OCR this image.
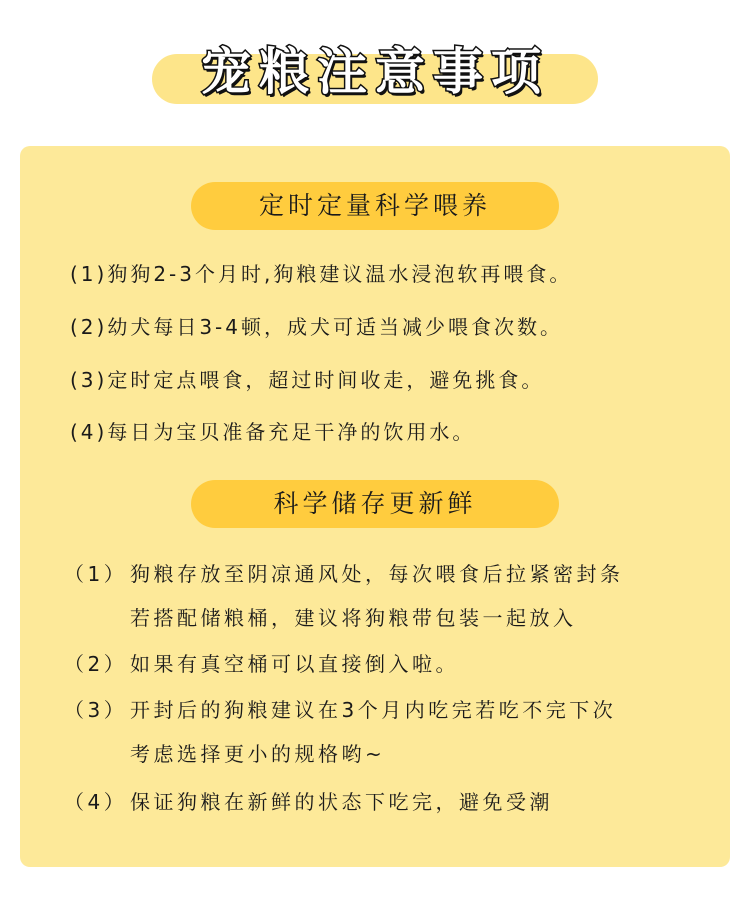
宠粮注意事项
定时定量科学喂养
(1)狗狗2-3个月时,狗粮建议温水浸泡软再喂食。
(2)幼犬每日3-4顿，成犬可适当减少喂食次数。
(3)定时定点喂食，超过时间收走，避免挑食。
(4)每日为宝贝准备充足干净的饮用水。
科学储存更新鲜
（1） 狗粮存放至阴凉通风处，每次喂食后拉紧密封条
若搭配储粮桶，建议将狗粮带包装一起放入
（2） 如果有真空桶可以直接倒入啦。
（3） 开封后的狗粮建议在3个月内吃完若吃不完下次
考虑选择更小的规格哟~
（4） 保证狗粮在新鲜的状态下吃完，避免受潮
